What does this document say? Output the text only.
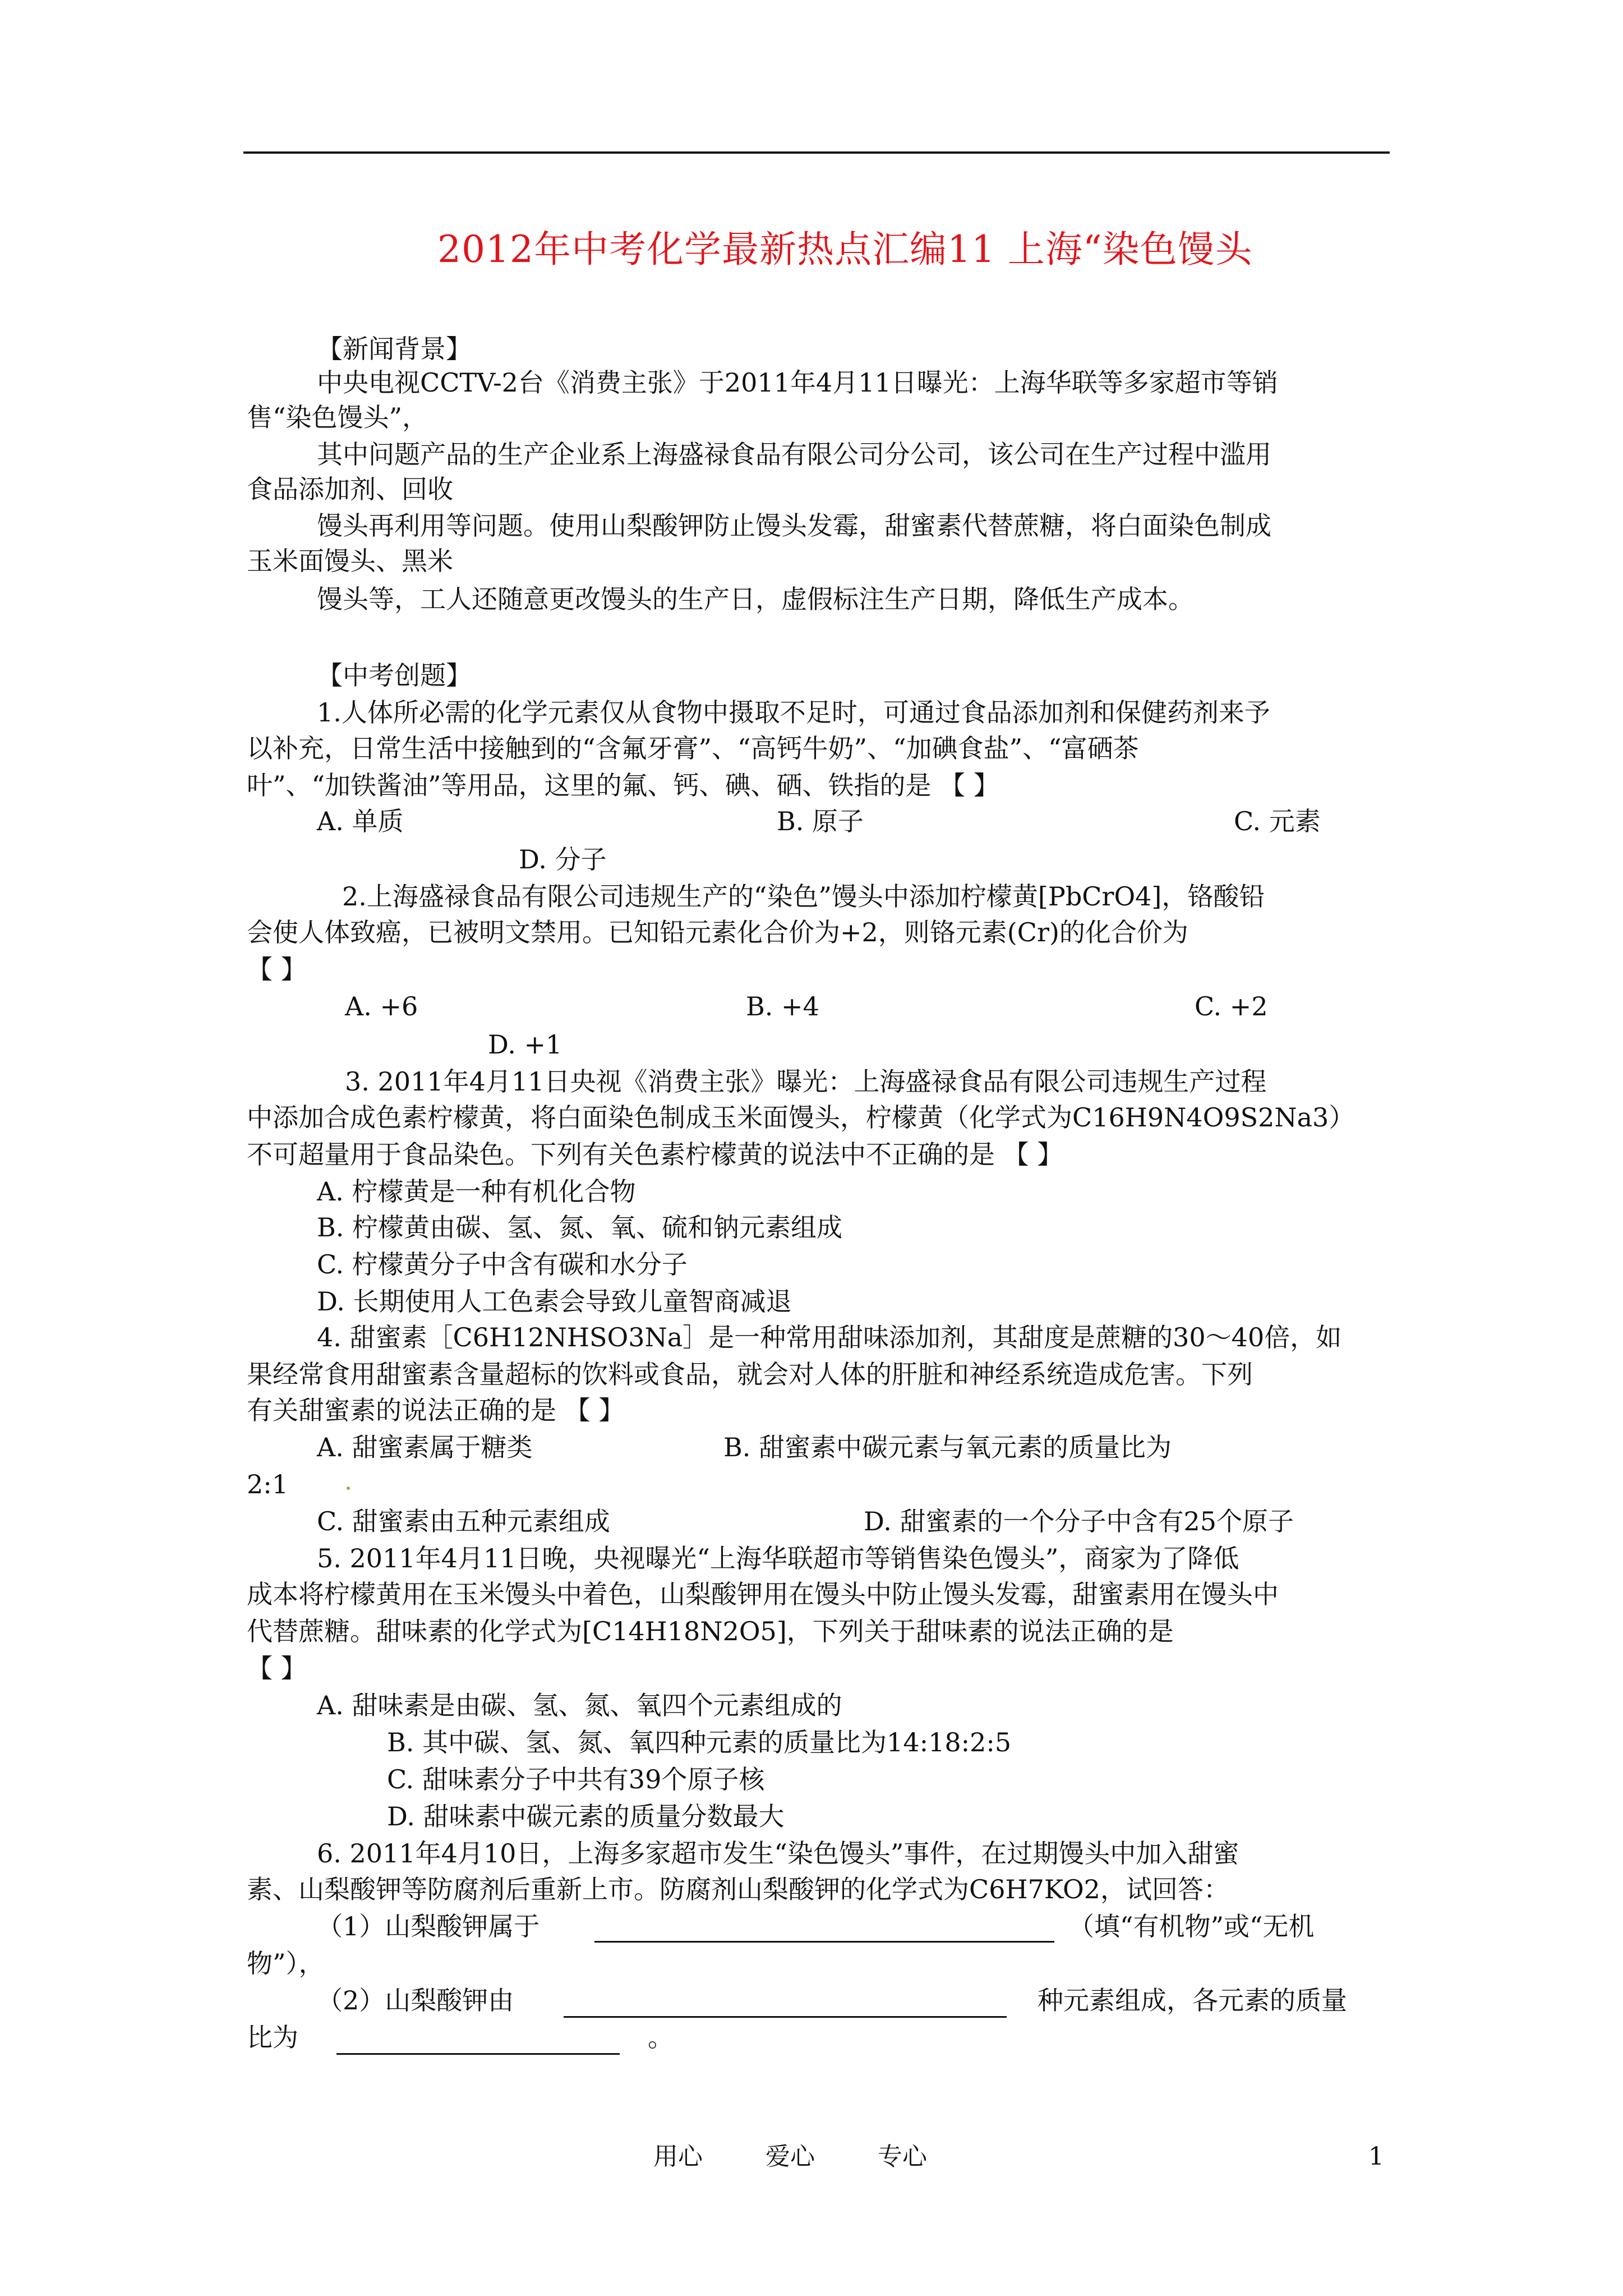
2012年中考化学最新热点汇编11 上海“染色馒头
【新闻背景】
中央电视CCTV-2台《消费主张》于2011年4月11日曝光：上海华联等多家超市等销
售“染色馒头”，
其中问题产品的生产企业系上海盛禄食品有限公司分公司，该公司在生产过程中滥用
食品添加剂、回收
馒头再利用等问题。使用山梨酸钾防止馒头发霉，甜蜜素代替蔗糖，将白面染色制成
玉米面馒头、黑米
馒头等，工人还随意更改馒头的生产日，虚假标注生产日期，降低生产成本。
【中考创题】
1.人体所必需的化学元素仅从食物中摄取不足时，可通过食品添加剂和保健药剂来予
以补充，日常生活中接触到的“含氟牙膏”、“高钙牛奶”、“加碘食盐”、“富硒茶
叶”、“加铁酱油”等用品，这里的氟、钙、碘、硒、铁指的是 【 】
A. 单质	B. 原子	C. 元素
D. 分子
2.上海盛禄食品有限公司违规生产的“染色”馒头中添加柠檬黄[PbCrO4]，铬酸铅
会使人体致癌，已被明文禁用。已知铅元素化合价为+2，则铬元素(Cr)的化合价为
【 】
A. +6	B. +4	C. +2
D. +1
3. 2011年4月11日央视《消费主张》曝光：上海盛禄食品有限公司违规生产过程
中添加合成色素柠檬黄，将白面染色制成玉米面馒头，柠檬黄（化学式为C16H9N4O9S2Na3）
不可超量用于食品染色。下列有关色素柠檬黄的说法中不正确的是 【 】
A. 柠檬黄是一种有机化合物
B. 柠檬黄由碳、氢、氮、氧、硫和钠元素组成
C. 柠檬黄分子中含有碳和水分子
D. 长期使用人工色素会导致儿童智商减退
4. 甜蜜素［C6H12NHSO3Na］是一种常用甜味添加剂，其甜度是蔗糖的30～40倍，如
果经常食用甜蜜素含量超标的饮料或食品，就会对人体的肝脏和神经系统造成危害。下列
有关甜蜜素的说法正确的是 【 】
A. 甜蜜素属于糖类	B. 甜蜜素中碳元素与氧元素的质量比为
2:1
C. 甜蜜素由五种元素组成	D. 甜蜜素的一个分子中含有25个原子
5. 2011年4月11日晚，央视曝光“上海华联超市等销售染色馒头”，商家为了降低
成本将柠檬黄用在玉米馒头中着色，山梨酸钾用在馒头中防止馒头发霉，甜蜜素用在馒头中
代替蔗糖。甜味素的化学式为[C14H18N2O5]，下列关于甜味素的说法正确的是
【 】
A. 甜味素是由碳、氢、氮、氧四个元素组成的
B. 其中碳、氢、氮、氧四种元素的质量比为14:18:2:5
C. 甜味素分子中共有39个原子核
D. 甜味素中碳元素的质量分数最大
6. 2011年4月10日，上海多家超市发生“染色馒头”事件，在过期馒头中加入甜蜜
素、山梨酸钾等防腐剂后重新上市。防腐剂山梨酸钾的化学式为C6H7KO2，试回答：
（1）山梨酸钾属于	（填“有机物”或“无机
物”），
（2）山梨酸钾由	种元素组成，各元素的质量
比为	。
用心	爱心	专心	1
